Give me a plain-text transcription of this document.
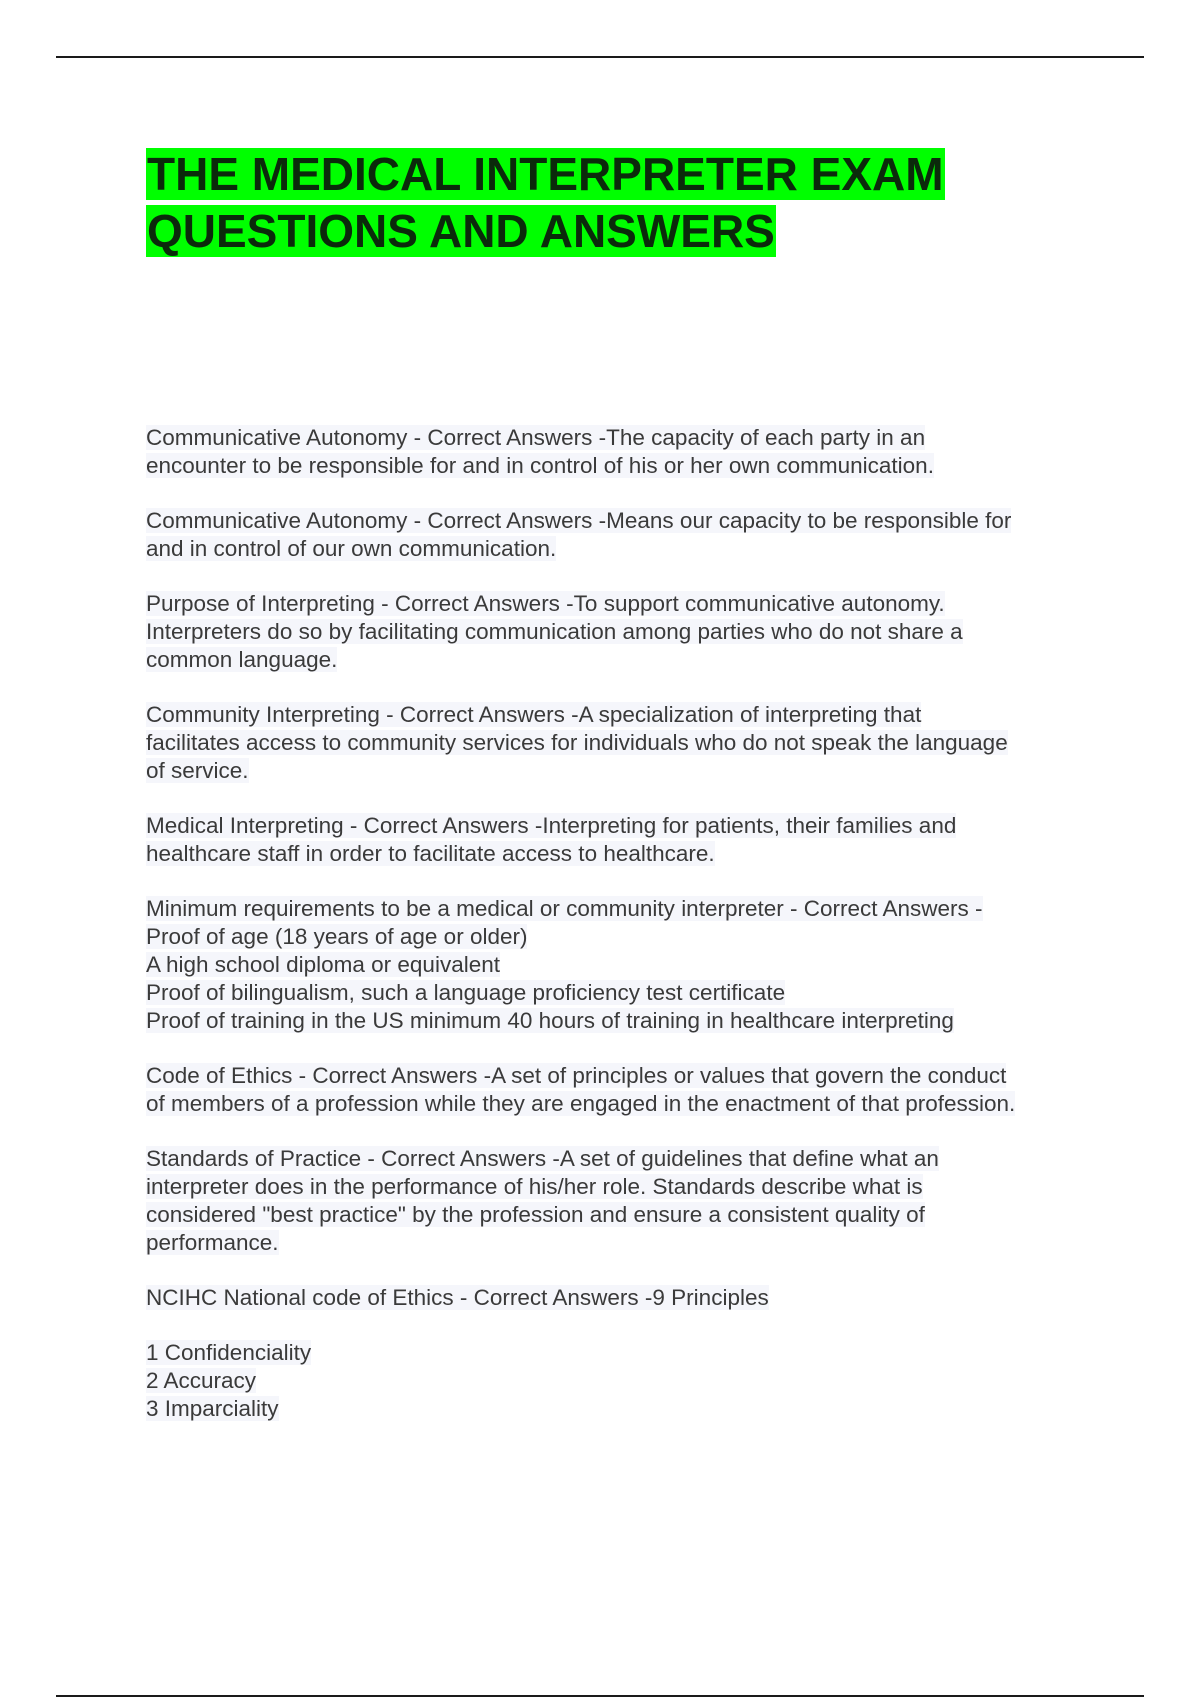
THE MEDICAL INTERPRETER EXAM
QUESTIONS AND ANSWERS

Communicative Autonomy - Correct Answers -The capacity of each party in an
encounter to be responsible for and in control of his or her own communication.

Communicative Autonomy - Correct Answers -Means our capacity to be responsible for
and in control of our own communication.

Purpose of Interpreting - Correct Answers -To support communicative autonomy.
Interpreters do so by facilitating communication among parties who do not share a
common language.

Community Interpreting - Correct Answers -A specialization of interpreting that
facilitates access to community services for individuals who do not speak the language
of service.

Medical Interpreting - Correct Answers -Interpreting for patients, their families and
healthcare staff in order to facilitate access to healthcare.

Minimum requirements to be a medical or community interpreter - Correct Answers -
Proof of age (18 years of age or older)
A high school diploma or equivalent
Proof of bilingualism, such a language proficiency test certificate
Proof of training in the US minimum 40 hours of training in healthcare interpreting

Code of Ethics - Correct Answers -A set of principles or values that govern the conduct
of members of a profession while they are engaged in the enactment of that profession.

Standards of Practice - Correct Answers -A set of guidelines that define what an
interpreter does in the performance of his/her role. Standards describe what is
considered "best practice" by the profession and ensure a consistent quality of
performance.

NCIHC National code of Ethics - Correct Answers -9 Principles

1 Confidenciality
2 Accuracy
3 Imparciality
